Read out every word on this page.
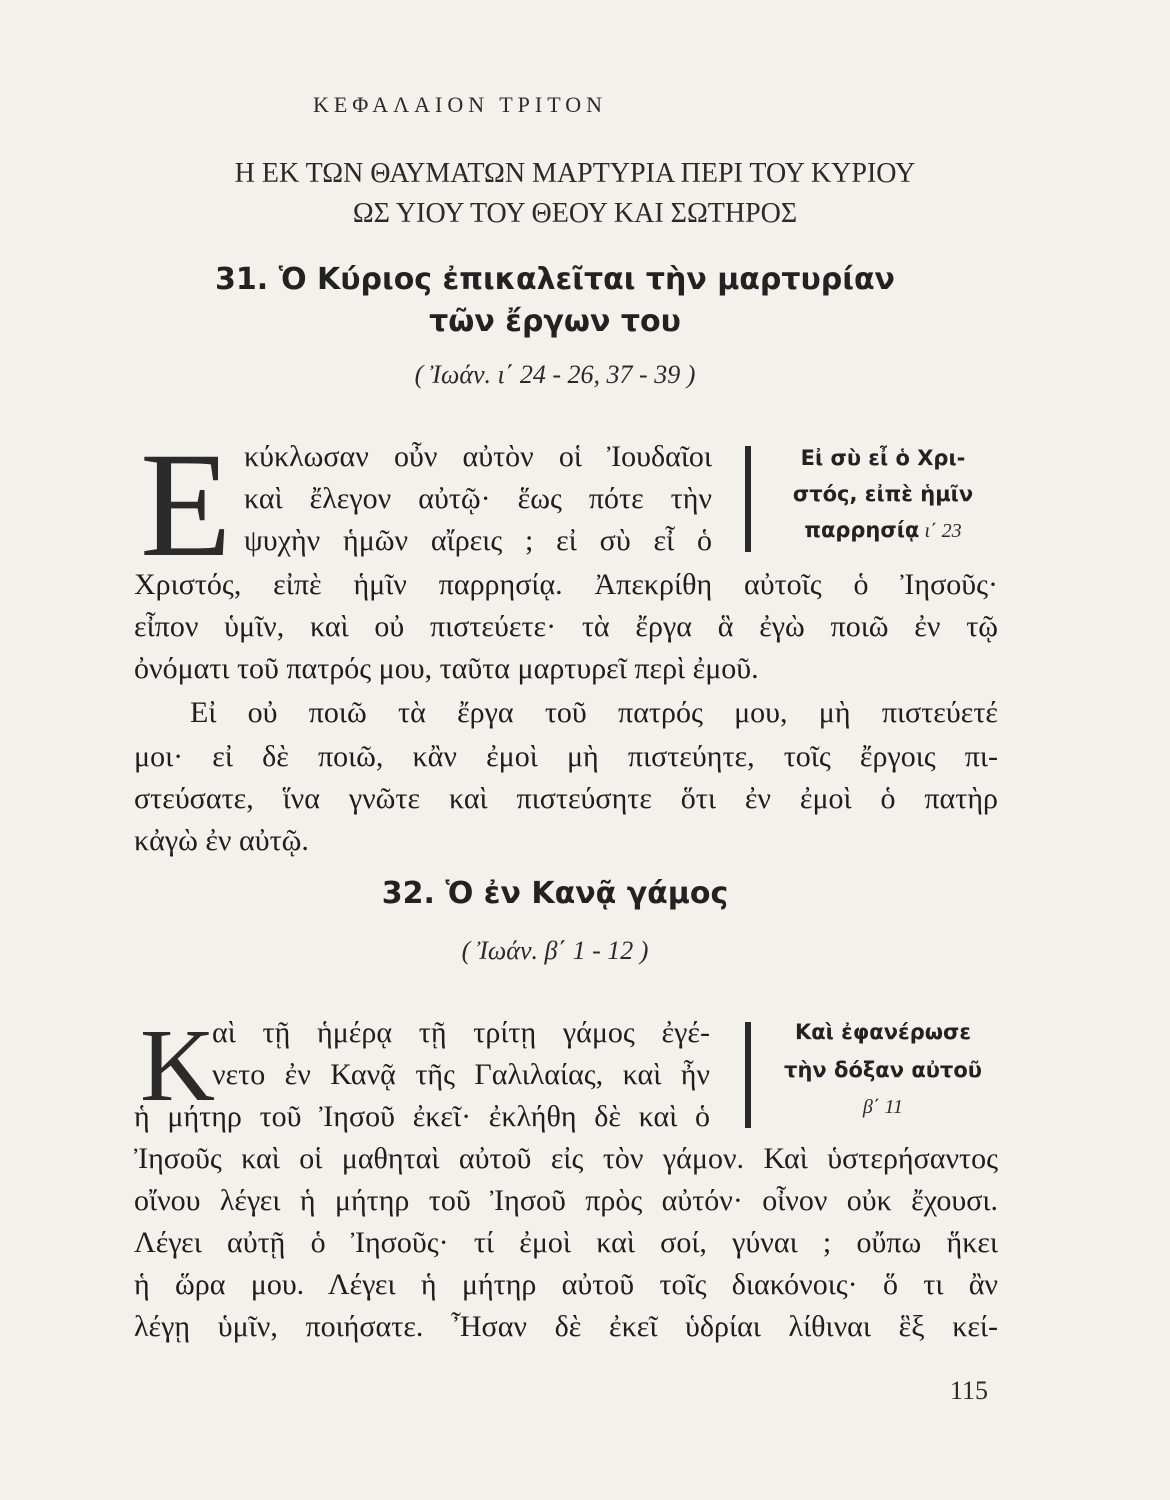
ΚΕΦΑΛΑΙΟΝ ΤΡΙΤΟΝ
Η ΕΚ ΤΩΝ ΘΑΥΜΑΤΩΝ ΜΑΡΤΥΡΙΑ ΠΕΡΙ ΤΟΥ ΚΥΡΙΟΥ
ΩΣ ΥΙΟΥ ΤΟΥ ΘΕΟΥ ΚΑΙ ΣΩΤΗΡΟΣ
31. Ὁ Κύριος ἐπικαλεῖται τὴν μαρτυρίαν
τῶν ἔργων του
( Ἰωάν. ι΄ 24 - 26, 37 - 39 )
Ε κύκλωσαν οὖν αὐτὸν οἱ Ἰουδαῖοι
καὶ ἔλεγον αὐτῷ· ἕως πότε τὴν
ψυχὴν ἡμῶν αἴρεις ; εἰ σὺ εἶ ὁ
Εἰ σὺ εἶ ὁ Χρι-
στός, εἰπὲ ἡμῖν
παρρησίᾳ ι΄ 23
Χριστός, εἰπὲ ἡμῖν παρρησίᾳ. Ἀπεκρίθη αὐτοῖς ὁ Ἰησοῦς·
εἶπον ὑμῖν, καὶ οὐ πιστεύετε· τὰ ἔργα ἃ ἐγὼ ποιῶ ἐν τῷ
ὀνόματι τοῦ πατρός μου, ταῦτα μαρτυρεῖ περὶ ἐμοῦ.
Εἰ οὐ ποιῶ τὰ ἔργα τοῦ πατρός μου, μὴ πιστεύετέ
μοι· εἰ δὲ ποιῶ, κἂν ἐμοὶ μὴ πιστεύητε, τοῖς ἔργοις πι-
στεύσατε, ἵνα γνῶτε καὶ πιστεύσητε ὅτι ἐν ἐμοὶ ὁ πατὴρ
κἀγὼ ἐν αὐτῷ.
32. Ὁ ἐν Κανᾷ γάμος
( Ἰωάν. β΄ 1 - 12 )
Κ
αὶ τῇ ἡμέρᾳ τῇ τρίτῃ γάμος ἐγέ-
νετο ἐν Κανᾷ τῆς Γαλιλαίας, καὶ ἦν
ἡ μήτηρ τοῦ Ἰησοῦ ἐκεῖ· ἐκλήθη δὲ καὶ ὁ
Καὶ ἐφανέρωσε
τὴν δόξαν αὐτοῦ
β΄ 11
Ἰησοῦς καὶ οἱ μαθηταὶ αὐτοῦ εἰς τὸν γάμον. Καὶ ὑστερήσαντος
οἴνου λέγει ἡ μήτηρ τοῦ Ἰησοῦ πρὸς αὐτόν· οἶνον οὐκ ἔχουσι.
Λέγει αὐτῇ ὁ Ἰησοῦς· τί ἐμοὶ καὶ σοί, γύναι ; οὔπω ἥκει
ἡ ὥρα μου. Λέγει ἡ μήτηρ αὐτοῦ τοῖς διακόνοις· ὅ τι ἂν
λέγῃ ὑμῖν, ποιήσατε. Ἦσαν δὲ ἐκεῖ ὑδρίαι λίθιναι ἓξ κεί-
115
